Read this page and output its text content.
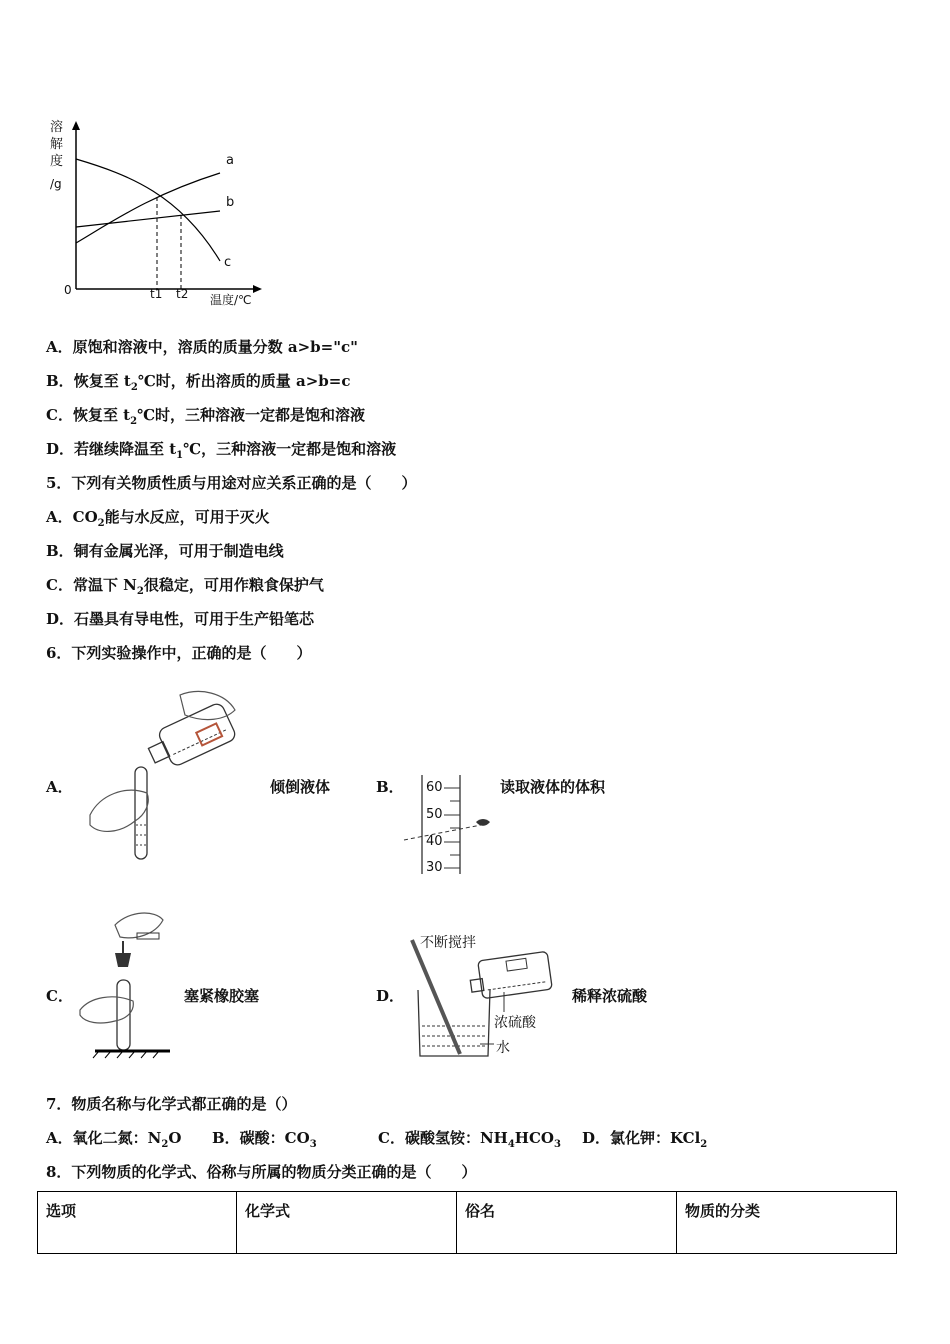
溶
解
度
/g
0	t1 t2 温度/℃
a
b
c
A．原饱和溶液中，溶质的质量分数 a>b="c"
B．恢复至 $t_2℃$时，析出溶质的质量 a>b=c
C．恢复至 $t_2℃$时，三种溶液一定都是饱和溶液
D．若继续降温至 $t_1℃$，三种溶液一定都是饱和溶液
5．下列有关物质性质与用途对应关系正确的是（　　）
A．$CO_2$能与水反应，可用于灭火
B．铜有金属光泽，可用于制造电线
C．常温下 $N_2$很稳定，可用作粮食保护气
D．石墨具有导电性，可用于生产铅笔芯
6．下列实验操作中，正确的是（　　）
A．	倾倒液体	B． 60
50
40
30
读取液体的体积
C．	塞紧橡胶塞	D．
不断搅拌
浓硫酸
水
稀释浓硫酸
7．物质名称与化学式都正确的是（）
A．氧化二氮：$N_2O$ B．碳酸：$CO_3$	C．碳酸氢铵：$NH_4HCO_3$ D．氯化钾：KCl$_2$
8．下列物质的化学式、俗称与所属的物质分类正确的是（　　）
选项	化学式	俗名	物质的分类
